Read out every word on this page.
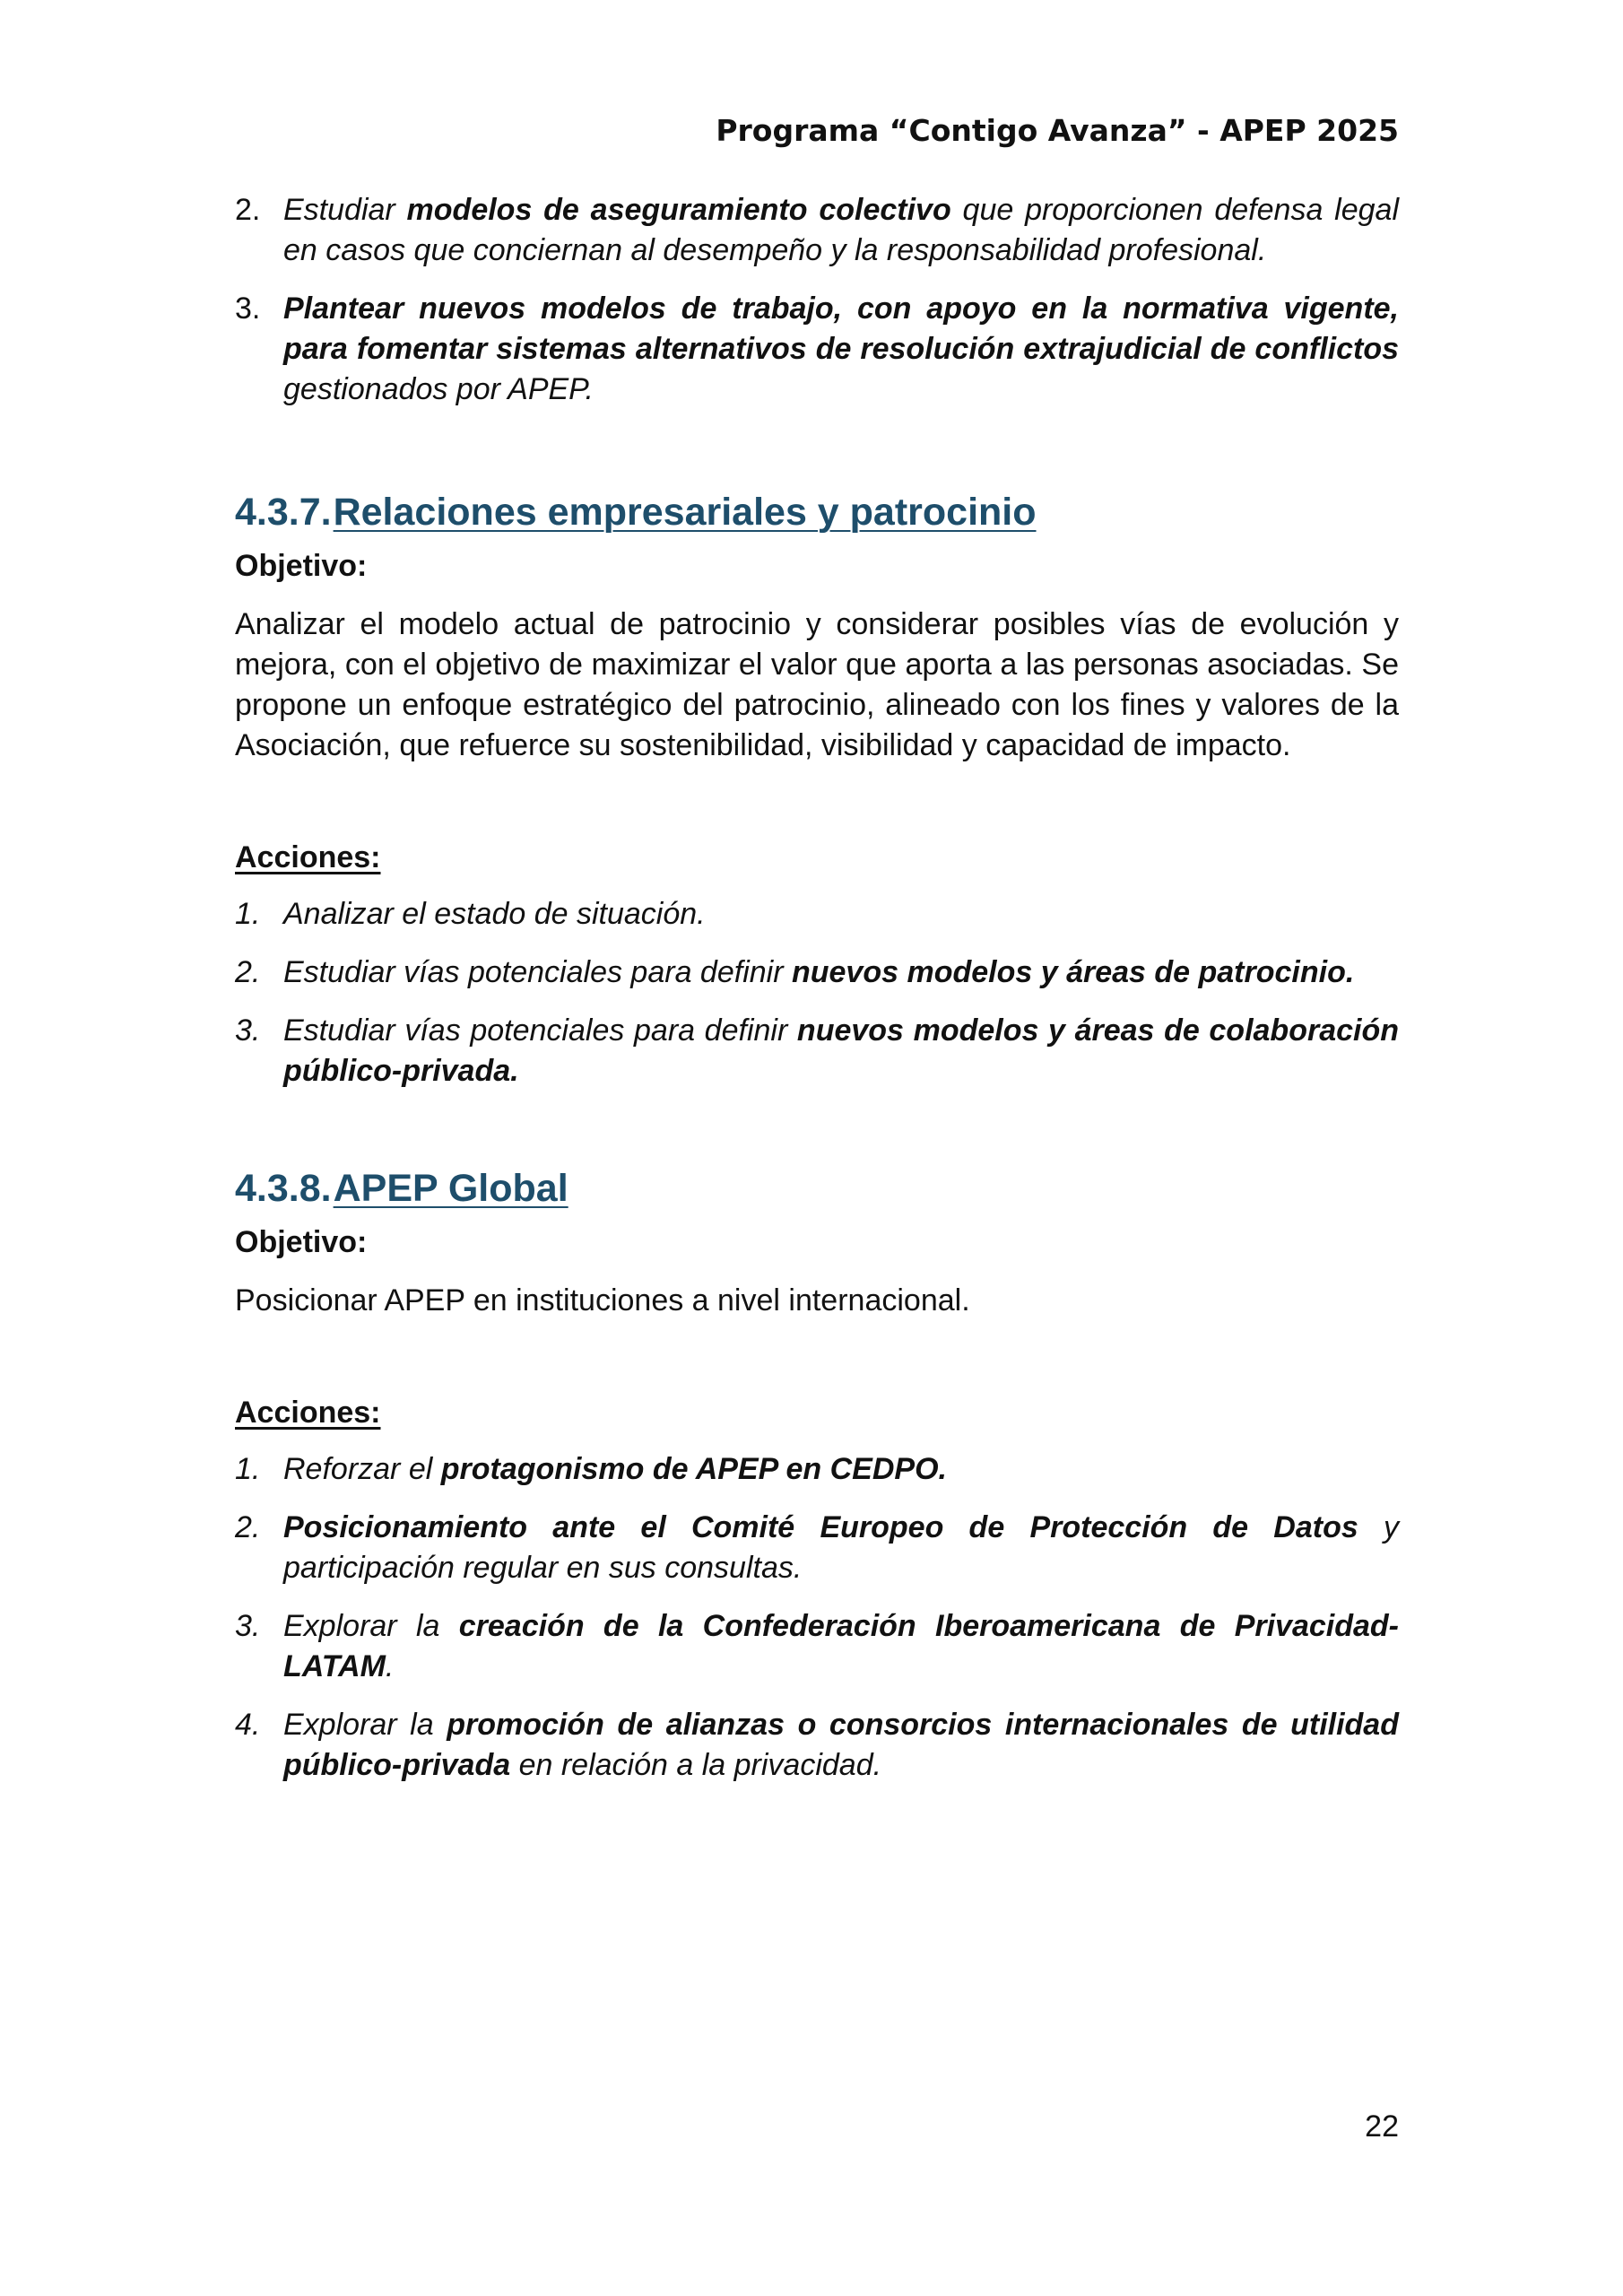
Programa “Contigo Avanza” - APEP 2025
2. Estudiar modelos de aseguramiento colectivo que proporcionen defensa legal en casos que conciernan al desempeño y la responsabilidad profesional.

3. Plantear nuevos modelos de trabajo, con apoyo en la normativa vigente, para fomentar sistemas alternativos de resolución extrajudicial de conflictos gestionados por APEP.

4.3.7.Relaciones empresariales y patrocinio

Objetivo:

Analizar el modelo actual de patrocinio y considerar posibles vías de evolución y mejora, con el objetivo de maximizar el valor que aporta a las personas asociadas. Se propone un enfoque estratégico del patrocinio, alineado con los fines y valores de la Asociación, que refuerce su sostenibilidad, visibilidad y capacidad de impacto.

Acciones:

1. Analizar el estado de situación.

2. Estudiar vías potenciales para definir nuevos modelos y áreas de patrocinio.

3. Estudiar vías potenciales para definir nuevos modelos y áreas de colaboración público-privada.

4.3.8.APEP Global

Objetivo:

Posicionar APEP en instituciones a nivel internacional.

Acciones:

1. Reforzar el protagonismo de APEP en CEDPO.

2. Posicionamiento ante el Comité Europeo de Protección de Datos y participación regular en sus consultas.

3. Explorar la creación de la Confederación Iberoamericana de Privacidad-LATAM.

4. Explorar la promoción de alianzas o consorcios internacionales de utilidad público-privada en relación a la privacidad.

22
